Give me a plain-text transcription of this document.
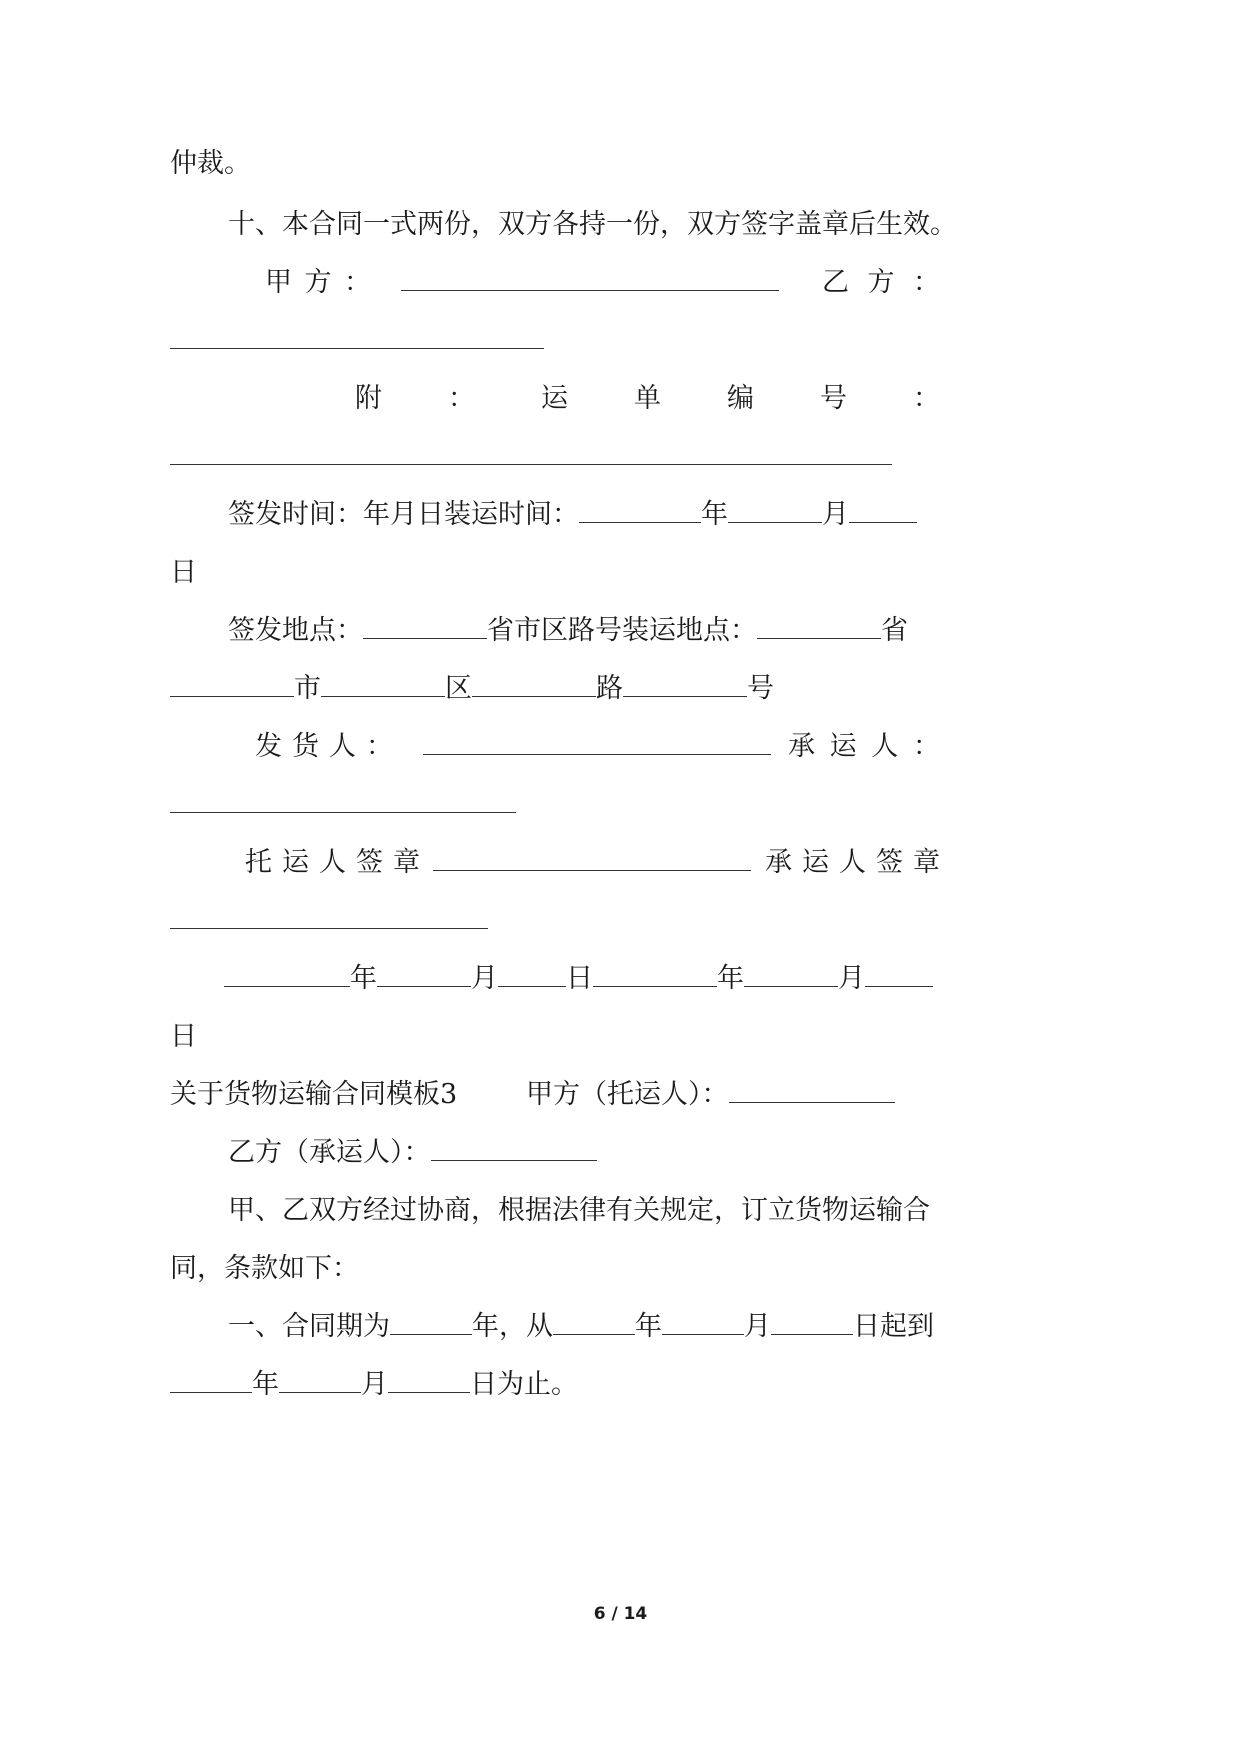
仲裁。
十、本合同一式两份，双方各持一份，双方签字盖章后生效。
甲 方 ：	乙 方 ：
附 ： 运 单 编 号 ：
签发时间：年月日装运时间：	年	月
日
签发地点：	省市区路号装运地点：	省
市	区	路	号
发 货 人 ：	承 运 人 ：
托 运 人 签 章	承 运 人 签 章
年	月	日	年	月
日
关于货物运输合同模板3	甲方（托运人）：
乙方（承运人）：
甲、乙双方经过协商，根据法律有关规定，订立货物运输合
同，条款如下：
一、合同期为	年，从	年	月	日起到
年	月	日为止。
6 / 14
